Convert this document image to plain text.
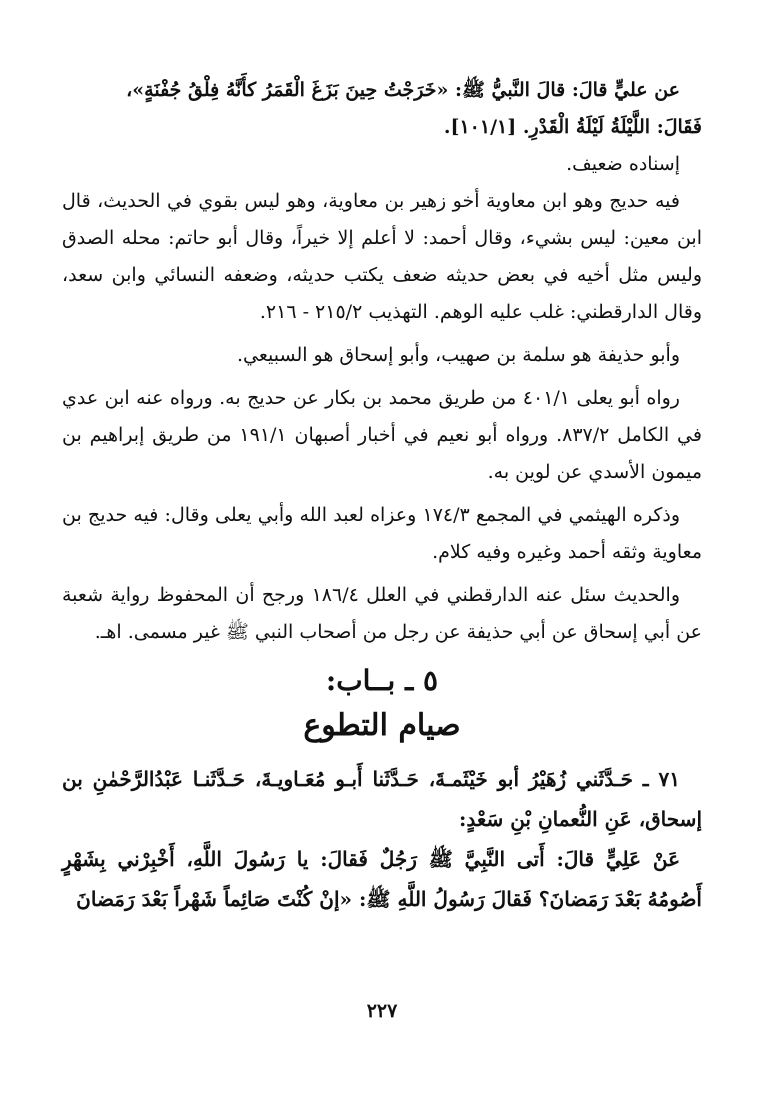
عن عليٍّ قالَ: قالَ النَّبيُّ ﷺ: «خَرَجْتُ حِينَ بَزَغَ الْقَمَرُ كأَنَّهُ فِلْقُ جُفْنَةٍ»،

فَقَالَ: اللَّيْلَةُ لَيْلَةُ الْقَدْرِ. [١٠١/١].

إسناده ضعيف.

فيه حديج وهو ابن معاوية أخو زهير بن معاوية، وهو ليس بقوي في الحديث، قال ابن معين: ليس بشيء، وقال أحمد: لا أعلم إلا خيراً، وقال أبو حاتم: محله الصدق وليس مثل أخيه في بعض حديثه ضعف يكتب حديثه، وضعفه النسائي وابن سعد، وقال الدارقطني: غلب عليه الوهم. التهذيب ٢١٥/٢ - ٢١٦.

وأبو حذيفة هو سلمة بن صهيب، وأبو إسحاق هو السبيعي.

رواه أبو يعلى ٤٠١/١ من طريق محمد بن بكار عن حديج به. ورواه عنه ابن عدي في الكامل ٨٣٧/٢. ورواه أبو نعيم في أخبار أصبهان ١٩١/١ من طريق إبراهيم بن ميمون الأسدي عن لوين به.

وذكره الهيثمي في المجمع ١٧٤/٣ وعزاه لعبد الله وأبي يعلى وقال: فيه حديج بن معاوية وثقه أحمد وغيره وفيه كلام.

والحديث سئل عنه الدارقطني في العلل ١٨٦/٤ ورجح أن المحفوظ رواية شعبة عن أبي إسحاق عن أبي حذيفة عن رجل من أصحاب النبي ﷺ غير مسمى. اهـ.

٥ ـ بــاب:

صيام التطوع

٧١ ـ حَـدَّثَني زُهَيْرُ أبو خَيْثَمـةَ، حَـدَّثَنا أَبـو مُعَـاويـةَ، حَـدَّثَنـا عَبْدُالرَّحْمٰنِ بن إسحاق، عَنِ النُّعمانِ بْنِ سَعْدٍ:

عَنْ عَلِيٍّ قالَ: أَتى النَّبِيَّ ﷺ رَجُلٌ فَقالَ: يا رَسُولَ اللَّهِ، أَخْبِرْني بِشَهْرٍ أَصُومُهُ بَعْدَ رَمَضانَ؟ فَقالَ رَسُولُ اللَّهِ ﷺ: «إنْ كُنْتَ صَائِماً شَهْراً بَعْدَ رَمَضانَ

٢٢٧
